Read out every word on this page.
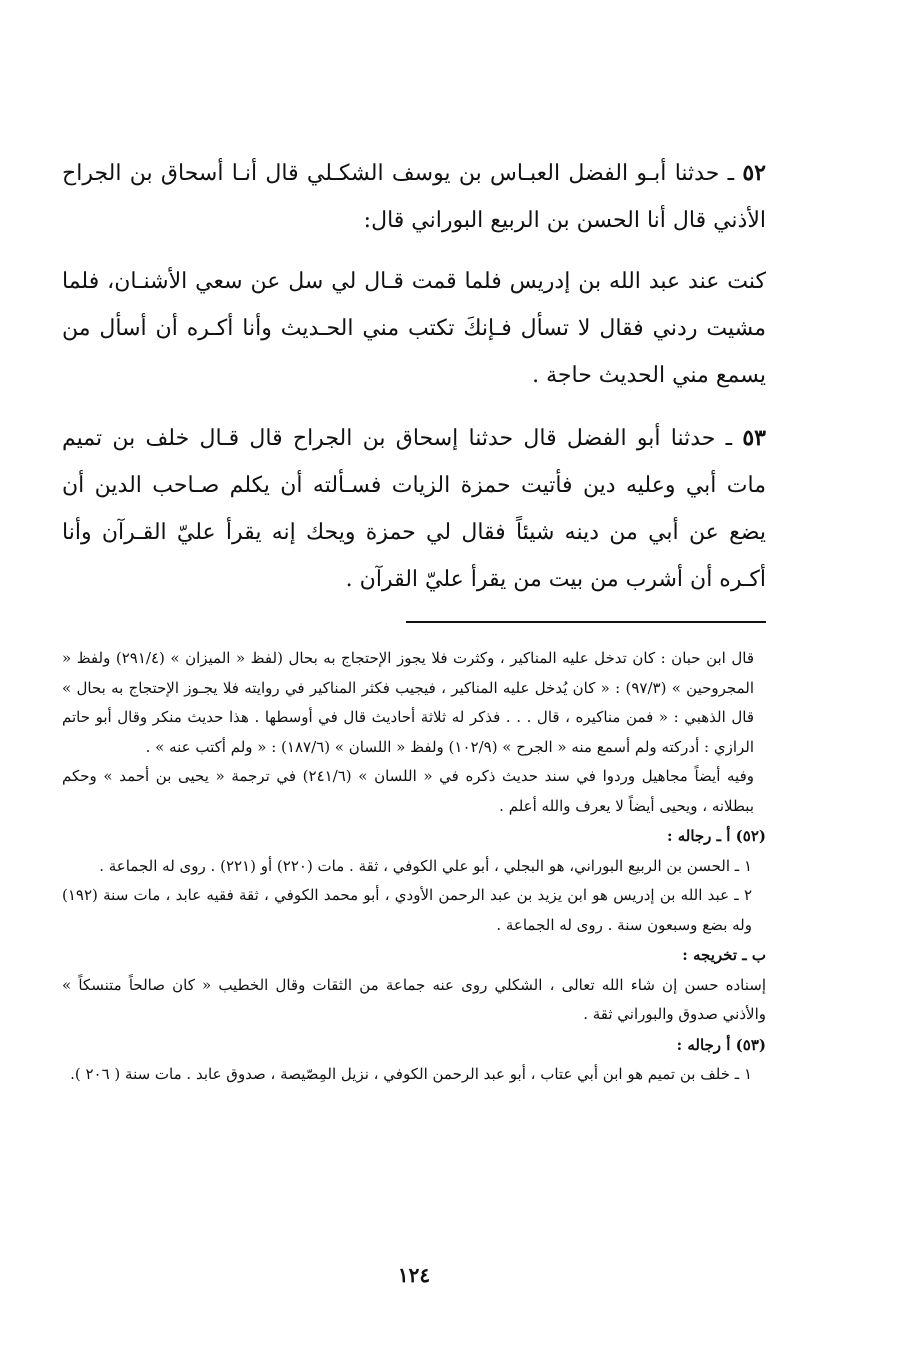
٥٢ ـ حدثنا أبـو الفضل العبـاس بن يوسف الشكـلي قال أنـا أسحاق بن الجراح الأذني قال أنا الحسن بن الربيع البوراني قال:

كنت عند عبد الله بن إدريس فلما قمت قـال لي سل عن سعي الأشنـان، فلما مشيت ردني فقال لا تسأل فـإنكَ تكتب مني الحـديث وأنا أكـره أن أسأل من يسمع مني الحديث حاجة .

٥٣ ـ حدثنا أبو الفضل قال حدثنا إسحاق بن الجراح قال قـال خلف بن تميم مات أبي وعليه دين فأتيت حمزة الزيات فسـألته أن يكلم صـاحب الدين أن يضع عن أبي من دينه شيئاً فقال لي حمزة ويحك إنه يقرأ عليّ القـرآن وأنا أكـره أن أشرب من بيت من يقرأ عليّ القرآن .

قال ابن حبان : كان تدخل عليه المناكير ، وكثرت فلا يجوز الإحتجاج به بحال (لفظ « الميزان » (٢٩١/٤) ولفظ « المجروحين » (٩٧/٣) : « كان يُدخل عليه المناكير ، فيجيب فكثر المناكير في روايته فلا يجـوز الإحتجاج به بحال » قال الذهبي : « فمن مناكيره ، قال . . . فذكر له ثلاثة أحاديث قال في أوسطها . هذا حديث منكر وقال أبو حاتم الرازي : أدركته ولم أسمع منه « الجرح » (١٠٢/٩) ولفظ « اللسان » (١٨٧/٦) : « ولم أكتب عنه » .

وفيه أيضاً مجاهيل وردوا في سند حديث ذكره في « اللسان » (٢٤١/٦) في ترجمة « يحيى بن أحمد » وحكم ببطلانه ، ويحيى أيضاً لا يعرف والله أعلم .

(٥٢) أ ـ رجاله :

١ ـ الحسن بن الربيع البوراني، هو البجلي ، أبو علي الكوفي ، ثقة . مات (٢٢٠) أو (٢٢١) . روى له الجماعة .

٢ ـ عبد الله بن إدريس هو ابن يزيد بن عبد الرحمن الأودي ، أبو محمد الكوفي ، ثقة فقيه عابد ، مات سنة (١٩٢) وله بضع وسبعون سنة . روى له الجماعة .

ب ـ تخريجه :

إسناده حسن إن شاء الله تعالى ، الشكلي روى عنه جماعة من الثقات وقال الخطيب « كان صالحاً متنسكاً » والأذني صدوق والبوراني ثقة .

(٥٣) أ رجاله :

١ ـ خلف بن تميم هو ابن أبي عتاب ، أبو عبد الرحمن الكوفي ، نزيل المِصّيصة ، صدوق عابد . مات سنة ( ٢٠٦ ).

١٢٤
